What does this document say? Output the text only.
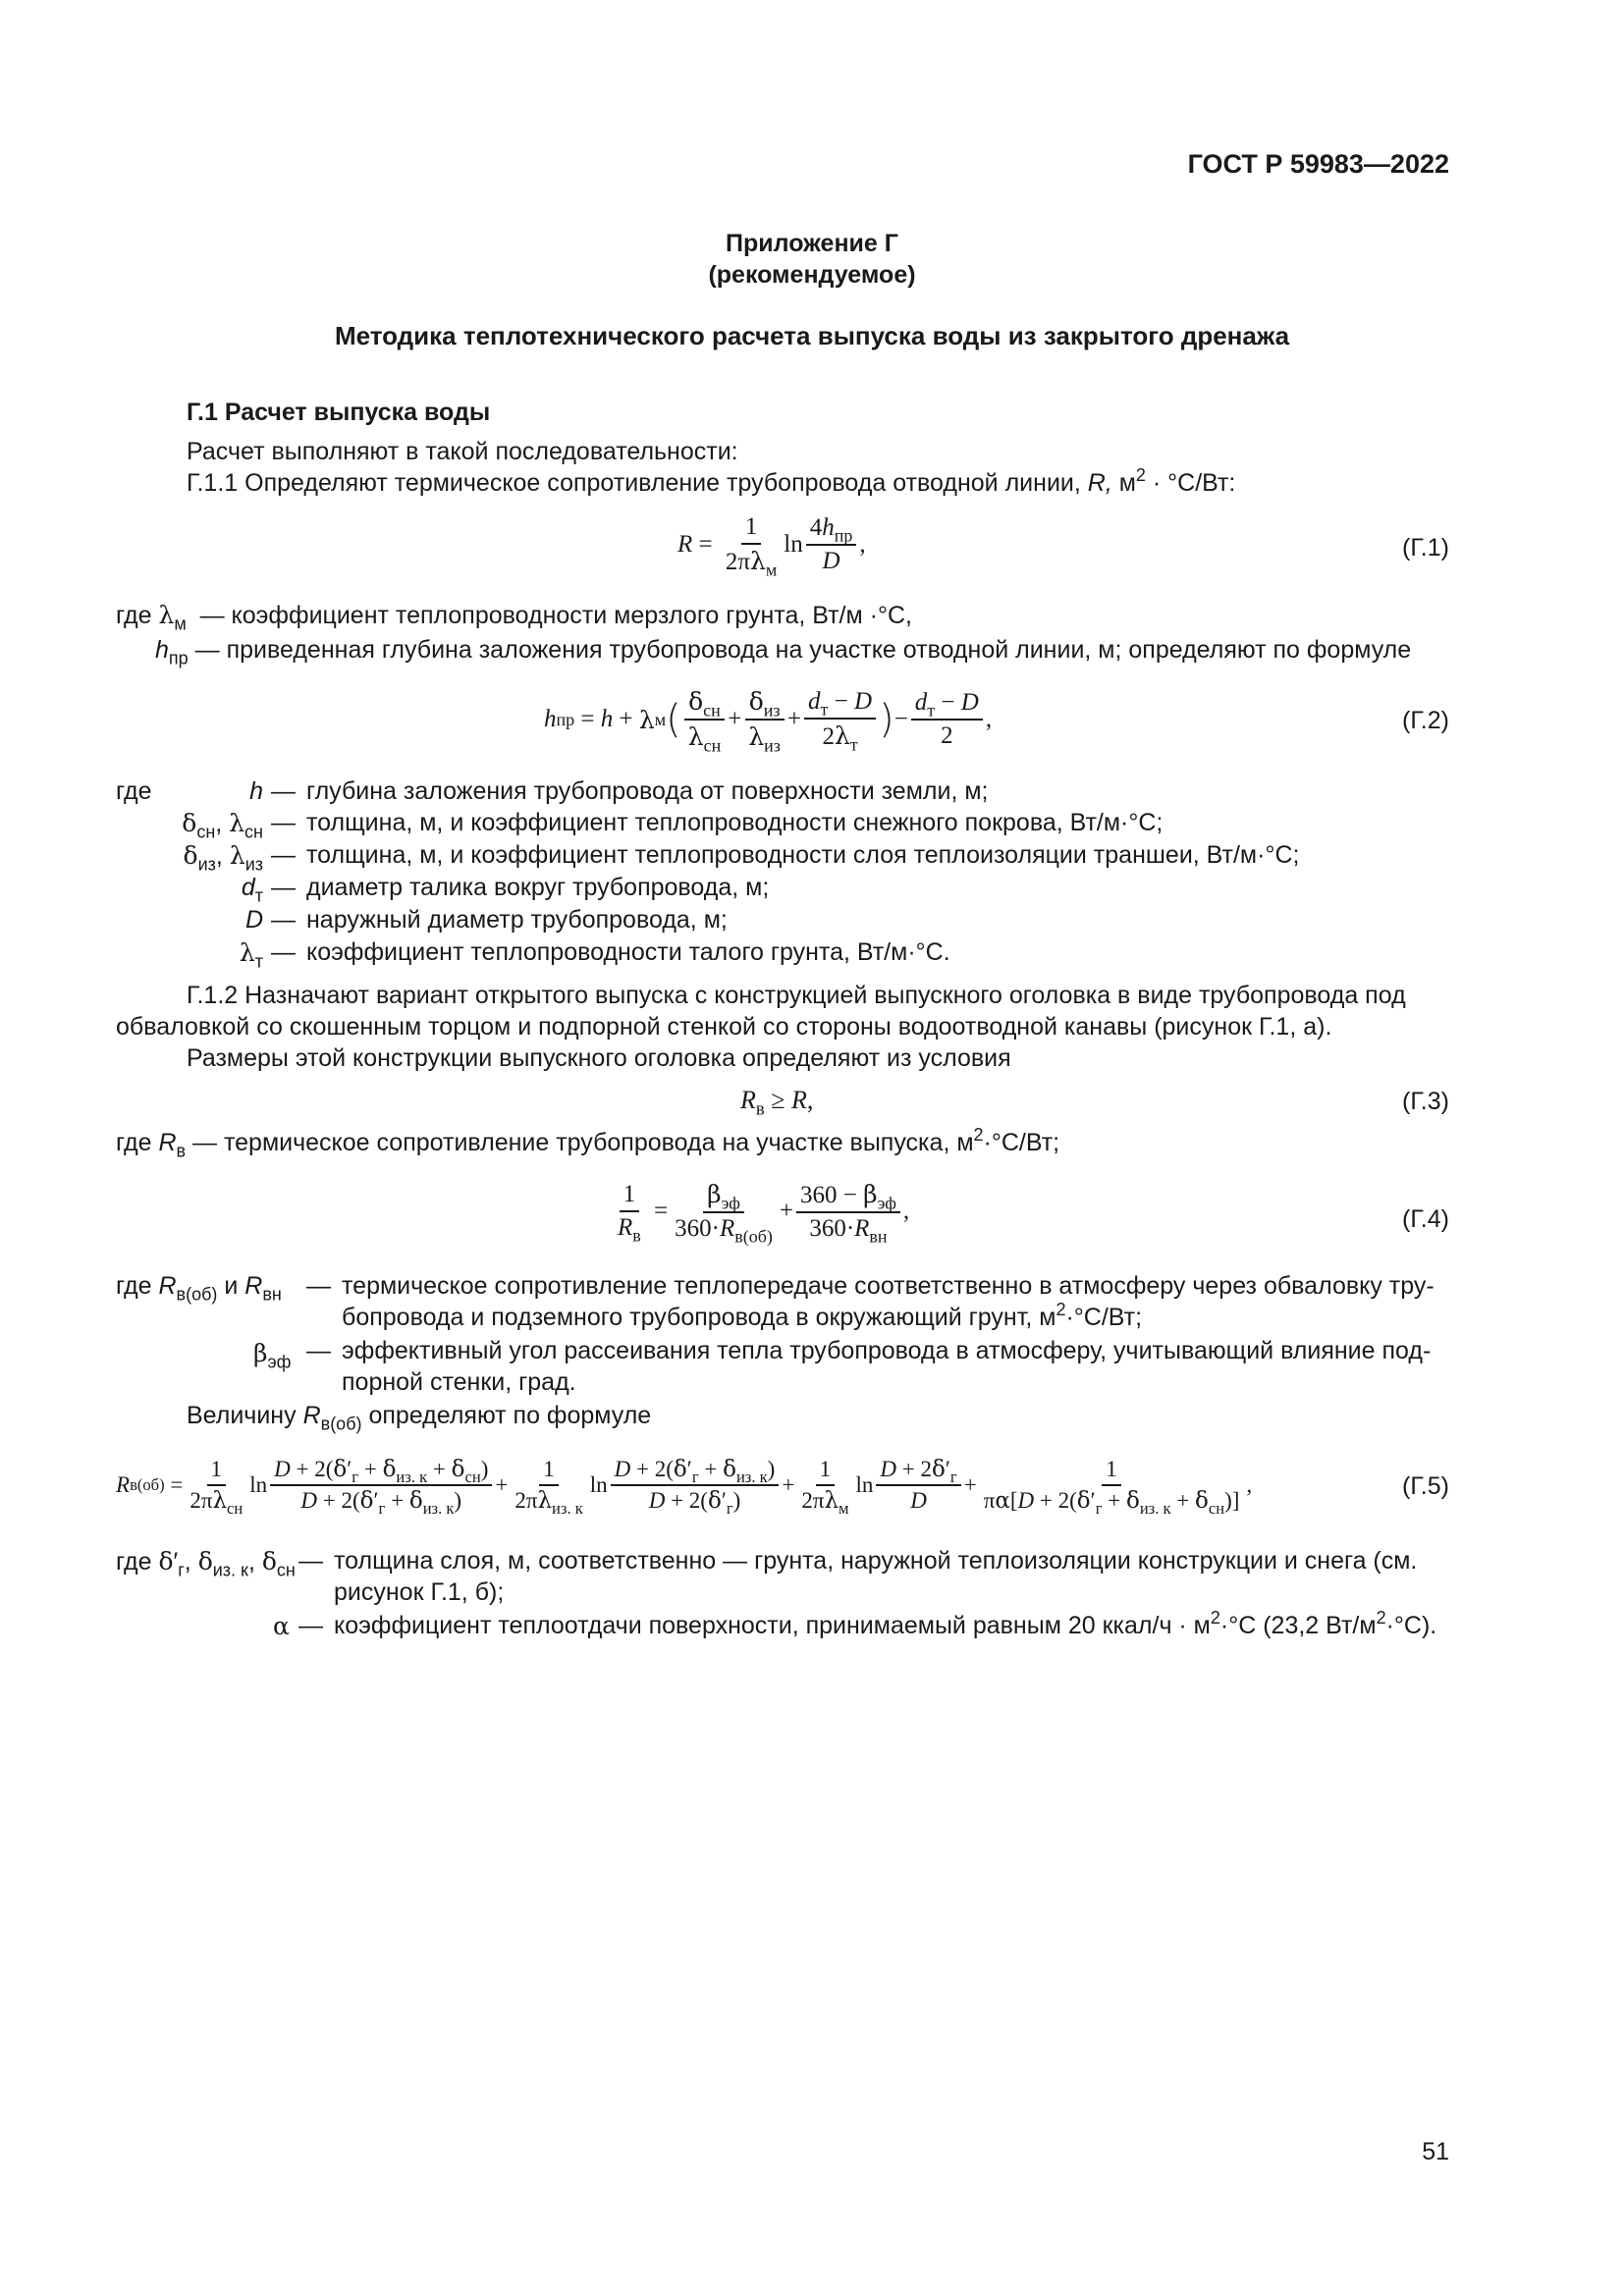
ГОСТ Р 59983—2022
Приложение Г
(рекомендуемое)
Методика теплотехнического расчета выпуска воды из закрытого дренажа
Г.1 Расчет выпуска воды
Расчет выполняют в такой последовательности:
Г.1.1 Определяют термическое сопротивление трубопровода отводной линии, R, $м^2 \cdot ^\circ С/Вт$:
$R = \frac{1}{2\pi\lambda_м}$ $\ln \frac{4h_{пр}}{D}$ ,	(Г.1)
где $\lambda_м$ — коэффициент теплопроводности мерзлого грунта, Вт/м ·°С,
$h_{пр}$ — приведенная глубина заложения трубопровода на участке отводной линии, м; определяют по формуле
h пр = h + λ м ( $\frac{\delta_{сн}}{\lambda_{сн}} + \frac{\delta_{из}}{\lambda_{из}} + \frac{d_т - D}{2\lambda_т}$ ) − $\frac{d_т - D}{2}$ ,	(Г.2)
где	h — глубина заложения трубопровода от поверхности земли, м;
$\delta_{сн}$, $\lambda_{сн}$ — толщина, м, и коэффициент теплопроводности снежного покрова, Вт/м·°С;
$\delta_{из}$, $\lambda_{из}$ — толщина, м, и коэффициент теплопроводности слоя теплоизоляции траншеи, Вт/м·°С;
$d_т$ — диаметр талика вокруг трубопровода, м;
D — наружный диаметр трубопровода, м;
$\lambda_т$ — коэффициент теплопроводности талого грунта, Вт/м·°С.
Г.1.2 Назначают вариант открытого выпуска с конструкцией выпускного оголовка в виде трубопровода под
обваловкой со скошенным торцом и подпорной стенкой со стороны водоотводной канавы (рисунок Г.1, а).
Размеры этой конструкции выпускного оголовка определяют из условия
$R_в \ge R$,	(Г.3)
где $R_в$ — термическое сопротивление трубопровода на участке выпуска, $м^2\cdot^\circ С/Вт$;
$\frac{1}{R_в} = \frac{\beta_{эф}}{360\cdot R_{в(об)}} + \frac{360 - \beta_{эф}}{360\cdot R_{вн}}$ ,	(Г.4)
где $R_{в(об)}$ и $R_{вн}$ — термическое сопротивление теплопередаче соответственно в атмосферу через обваловку тру-
бопровода и подземного трубопровода в окружающий грунт, $м^2\cdot^\circ С/Вт$;
$\beta_{эф}$ — эффективный угол рассеивания тепла трубопровода в атмосферу, учитывающий влияние под-
порной стенки, град.
Величину $R_{в(об)}$ определяют по формуле
R $в(об) = \frac{1}{2\pi\lambda_{сн}}$ $\ln \frac{D + 2(\delta'_г + \delta_{из. к} + \delta_{сн})}{D + 2(\delta'_г + \delta_{из. к})} + \frac{1}{2\pi\lambda_{из. к}}$ $\ln \frac{D + 2(\delta'_г + \delta_{из. к})}{D + 2(\delta'_г)} + \frac{1}{2\pi\lambda_м}$ $\ln \frac{D + 2\delta'_г}{D} + \frac{1}{\pi\alpha[D + 2(\delta'_г + \delta_{из. к} + \delta_{сн})]}$ ,	(Г.5)
где $\delta'_г$, $\delta_{из. к}$, $\delta_{сн}$ — толщина слоя, м, соответственно — грунта, наружной теплоизоляции конструкции и снега (см.
рисунок Г.1, б);
α — коэффициент теплоотдачи поверхности, принимаемый равным 20 ккал/ч · $м^2\cdot^\circ С$ (23,2 $Вт/м^2\cdot^\circ С$).
51
